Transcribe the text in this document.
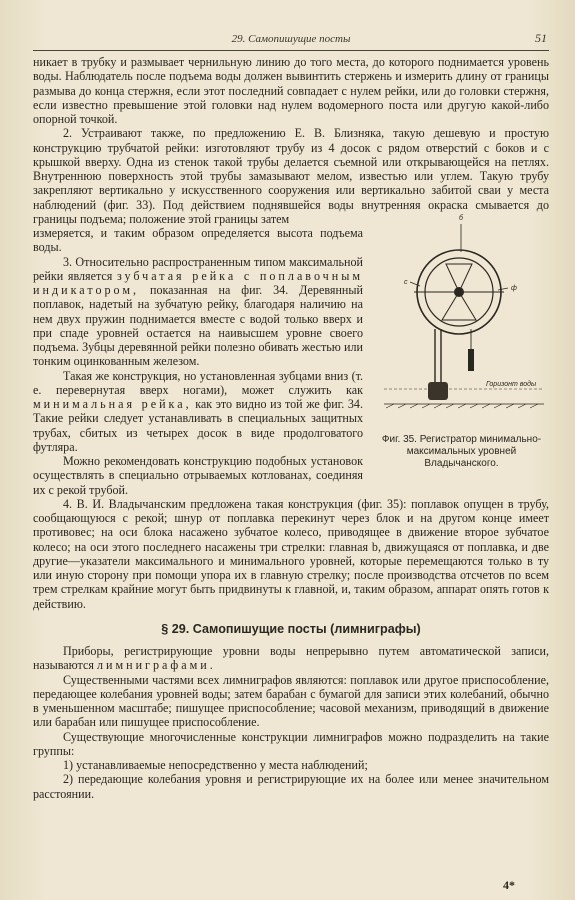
29. Самопишущие посты	51

никает в трубку и размывает чернильную линию до того места, до которого поднимается уровень воды. Наблюдатель после подъема воды должен вывинтить стержень и измерить длину от границы размыва до конца стержня, если этот последний совпадает с нулем рейки, или до головки стержня, если известно превышение этой головки над нулем водомерного поста или другую какой-либо опорной точкой.

2. Устраивают также, по предложению Е. В. Близняка, такую дешевую и простую конструкцию трубчатой рейки: изготовляют трубу из 4 досок с рядом отверстий с боков и с крышкой вверху. Одна из стенок такой трубы делается съемной или открывающейся на петлях. Внутреннюю поверхность этой трубы замазывают мелом, известью или углем. Такую трубу закрепляют вертикально у искусственного сооружения или вертикально забитой сваи у места наблюдений (фиг. 33). Под действием поднявшейся воды внутренняя окраска смывается до границы подъема; положение этой границы затем

измеряется, и таким образом определяется высота подъема воды.

3. Относительно распространенным типом максимальной рейки является зубчатая рейка с поплавочным индикатором, показанная на фиг. 34. Деревянный поплавок, надетый на зубчатую рейку, благодаря наличию на нем двух пружин поднимается вместе с водой только вверх и при спаде уровней остается на наивысшем уровне своего подъема. Зубцы деревянной рейки полезно обивать жестью или тонким оцинкованным железом.

Такая же конструкция, но установленная зубцами вниз (т. е. перевернутая вверх ногами), может служить как минимальная рейка, как это видно из той же фиг. 34. Такие рейки следует устанавливать в специальных защитных трубах, сбитых из четырех досок в виде продолговатого футляра.

Можно рекомендовать конструкцию подобных установок осуществлять в специально отрываемых котлованах, соединяя их с рекой трубой.

б
с
ф
Горизонт воды
Фиг. 35. Регистратор минимально-максимальных уровней Владычанского.

4. В. И. Владычанским предложена такая конструкция (фиг. 35): поплавок опущен в трубу, сообщающуюся с рекой; шнур от поплавка перекинут через блок и на другом конце имеет противовес; на оси блока насажено зубчатое колесо, приводящее в движение второе зубчатое колесо; на оси этого последнего насажены три стрелки: главная b, движущаяся от поплавка, и две другие—указатели максимального и минимального уровней, которые перемещаются только в ту или иную сторону при помощи упора их в главную стрелку; после производства отсчетов по всем трем стрелкам крайние могут быть придвинуты к главной, и, таким образом, аппарат опять готов к действию.

§ 29. Самопишущие посты (лимниграфы)

Приборы, регистрирующие уровни воды непрерывно путем автоматической записи, называются лимниграфами.

Существенными частями всех лимниграфов являются: поплавок или другое приспособление, передающее колебания уровней воды; затем барабан с бумагой для записи этих колебаний, обычно в уменьшенном масштабе; пишущее приспособление; часовой механизм, приводящий в движение или барабан или пишущее приспособление.

Существующие многочисленные конструкции лимниграфов можно подразделить на такие группы:

1) устанавливаемые непосредственно у места наблюдений;

2) передающие колебания уровня и регистрирующие их на более или менее значительном расстоянии.

4*
